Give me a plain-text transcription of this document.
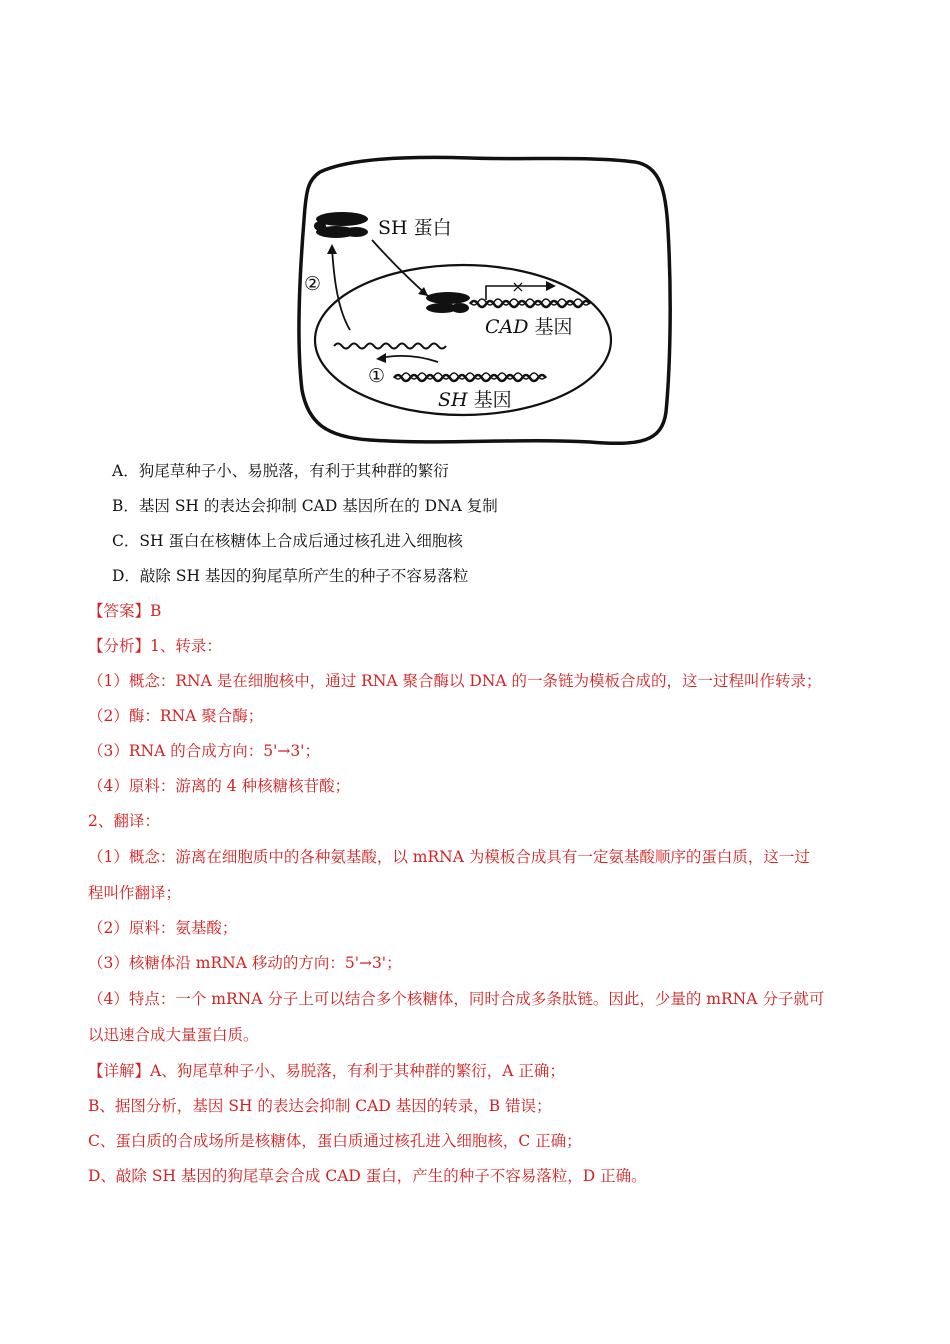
×
CAD 基因
①
②
SH 蛋白
SH 基因
A．狗尾草种子小、易脱落，有利于其种群的繁衍
B．基因 SH 的表达会抑制 CAD 基因所在的 DNA 复制
C．SH 蛋白在核糖体上合成后通过核孔进入细胞核
D．敲除 SH 基因的狗尾草所产生的种子不容易落粒
【答案】B
【分析】1、转录：
（1）概念：RNA 是在细胞核中，通过 RNA 聚合酶以 DNA 的一条链为模板合成的，这一过程叫作转录；
（2）酶：RNA 聚合酶；
（3）RNA 的合成方向：5'→3'；
（4）原料：游离的 4 种核糖核苷酸；
2、翻译：
（1）概念：游离在细胞质中的各种氨基酸，以 mRNA 为模板合成具有一定氨基酸顺序的蛋白质，这一过
程叫作翻译；
（2）原料：氨基酸；
（3）核糖体沿 mRNA 移动的方向：5'→3'；
（4）特点：一个 mRNA 分子上可以结合多个核糖体，同时合成多条肽链。因此，少量的 mRNA 分子就可
以迅速合成大量蛋白质。
【详解】A、狗尾草种子小、易脱落，有利于其种群的繁衍，A 正确；
B、据图分析，基因 SH 的表达会抑制 CAD 基因的转录，B 错误；
C、蛋白质的合成场所是核糖体，蛋白质通过核孔进入细胞核，C 正确；
D、敲除 SH 基因的狗尾草会合成 CAD 蛋白，产生的种子不容易落粒，D 正确。
